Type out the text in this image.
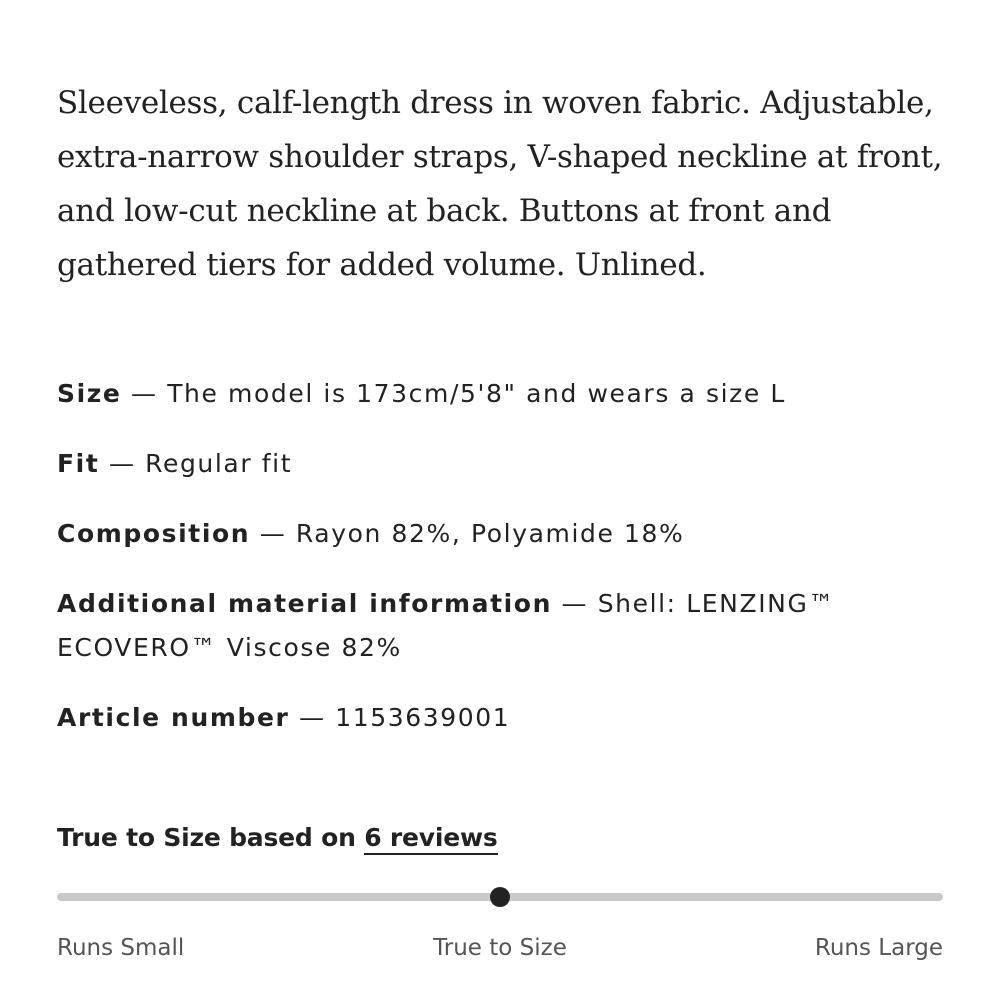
Sleeveless, calf-length dress in woven fabric. Adjustable, extra-narrow shoulder straps, V-shaped neckline at front, and low-cut neckline at back. Buttons at front and gathered tiers for added volume. Unlined.

Size — The model is 173cm/5'8" and wears a size L

Fit — Regular fit

Composition — Rayon 82%, Polyamide 18%

Additional material information — Shell: LENZING™ ECOVERO™ Viscose 82%

Article number — 1153639001

True to Size based on 6 reviews
Runs Small	True to Size	Runs Large
